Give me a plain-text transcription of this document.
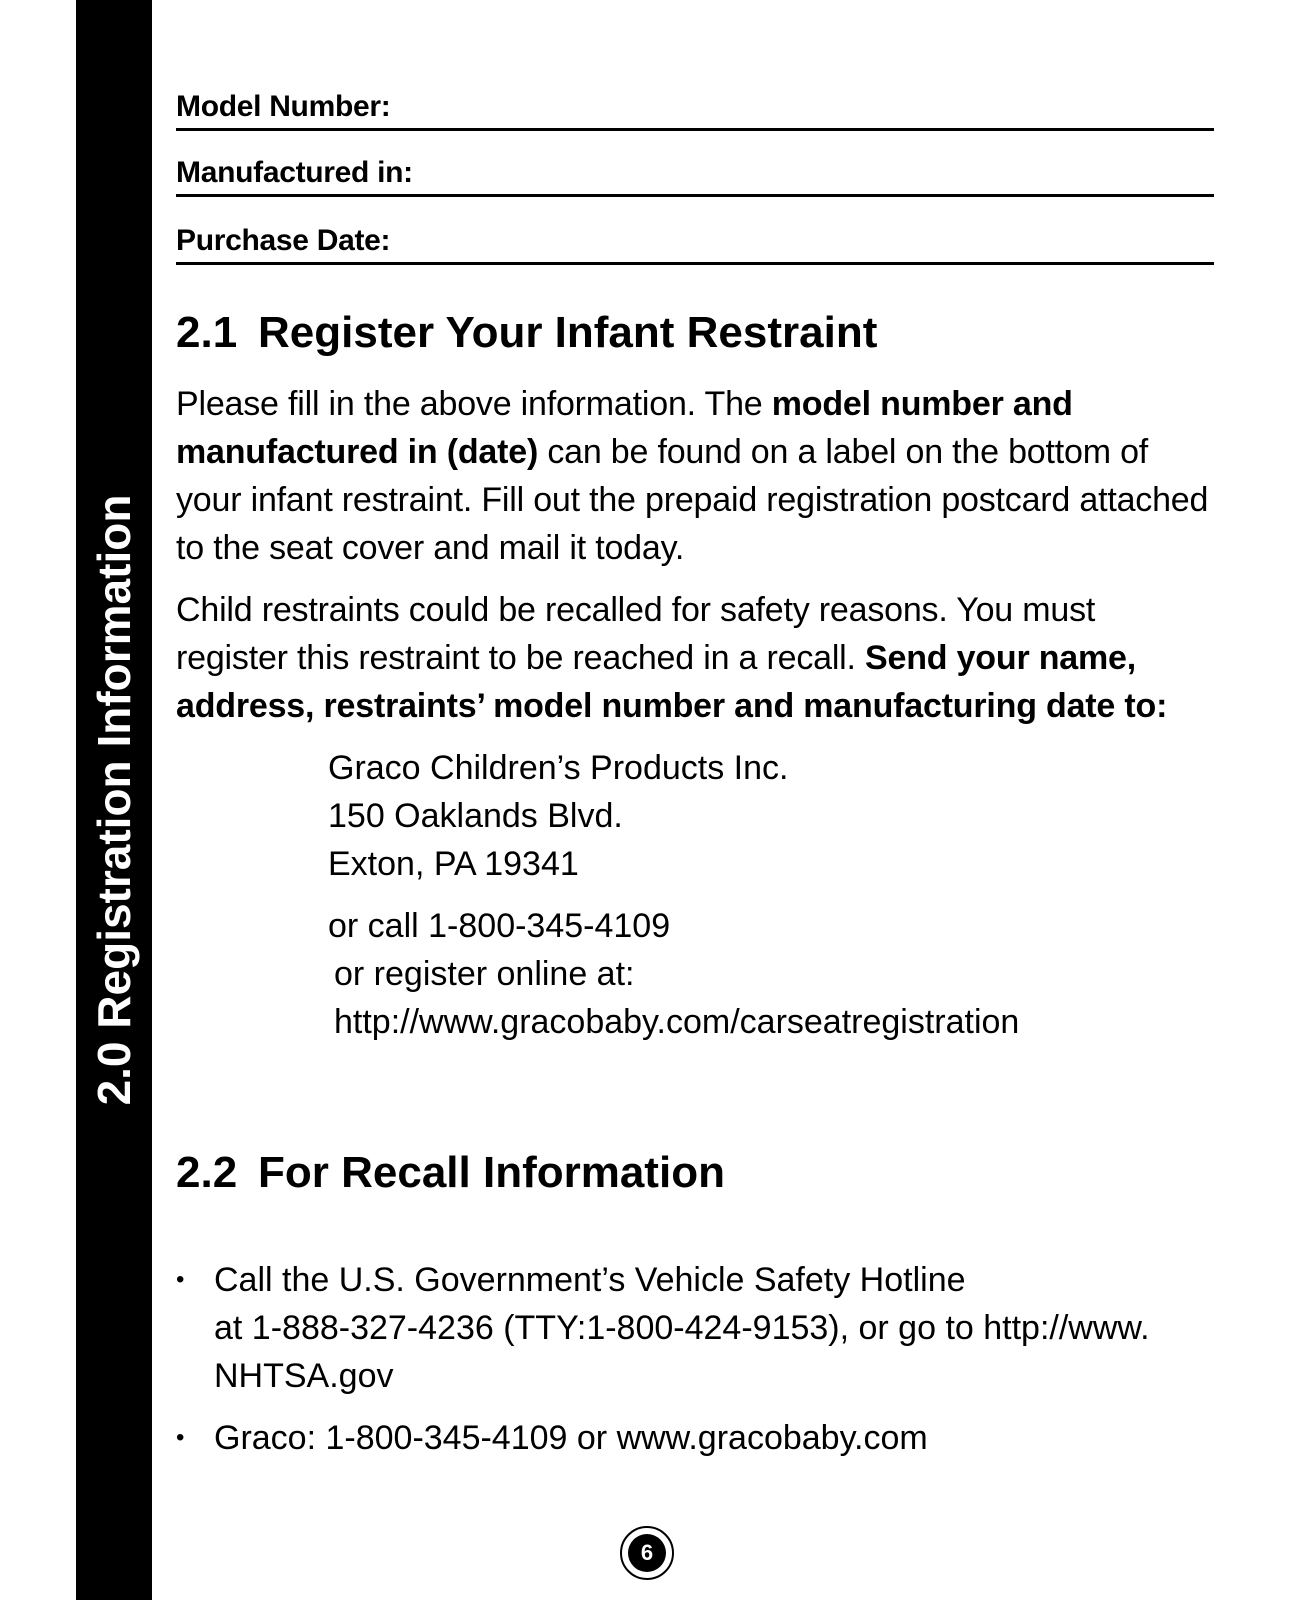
2.0 Registration Information
Model Number:
Manufactured in:
Purchase Date:
2.1 Register Your Infant Restraint
Please fill in the above information. The model number and manufactured in (date) can be found on a label on the bottom of your infant restraint. Fill out the prepaid registration postcard attached to the seat cover and mail it today.
Child restraints could be recalled for safety reasons. You must register this restraint to be reached in a recall. Send your name, address, restraints’ model number and manufacturing date to:
Graco Children’s Products Inc.
150 Oaklands Blvd.
Exton, PA 19341
or call 1-800-345-4109
or register online at:
http://www.gracobaby.com/carseatregistration
2.2 For Recall Information
• Call the U.S. Government’s Vehicle Safety Hotline
at 1-888-327-4236 (TTY:1-800-424-9153), or go to http://www.
NHTSA.gov
• Graco: 1-800-345-4109 or www.gracobaby.com
6
